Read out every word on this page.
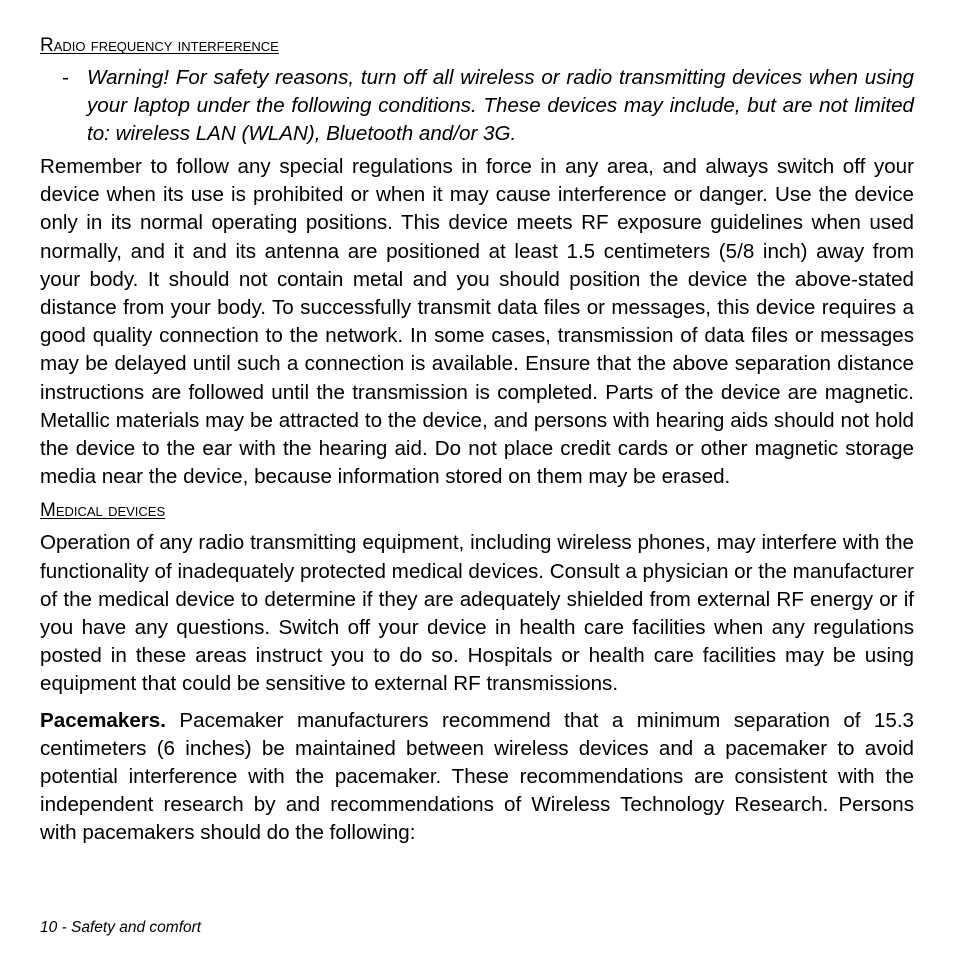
Radio frequency interference
- Warning! For safety reasons, turn off all wireless or radio transmitting devices when using your laptop under the following conditions. These devices may include, but are not limited to: wireless LAN (WLAN), Bluetooth and/or 3G.

Remember to follow any special regulations in force in any area, and always switch off your device when its use is prohibited or when it may cause interference or danger. Use the device only in its normal operating positions. This device meets RF exposure guidelines when used normally, and it and its antenna are positioned at least 1.5 centimeters (5/8 inch) away from your body. It should not contain metal and you should position the device the above-stated distance from your body. To successfully transmit data files or messages, this device requires a good quality connection to the network. In some cases, transmission of data files or messages may be delayed until such a connection is available. Ensure that the above separation distance instructions are followed until the transmission is completed. Parts of the device are magnetic. Metallic materials may be attracted to the device, and persons with hearing aids should not hold the device to the ear with the hearing aid. Do not place credit cards or other magnetic storage media near the device, because information stored on them may be erased.

Medical devices

Operation of any radio transmitting equipment, including wireless phones, may interfere with the functionality of inadequately protected medical devices. Consult a physician or the manufacturer of the medical device to determine if they are adequately shielded from external RF energy or if you have any questions. Switch off your device in health care facilities when any regulations posted in these areas instruct you to do so. Hospitals or health care facilities may be using equipment that could be sensitive to external RF transmissions.

Pacemakers. Pacemaker manufacturers recommend that a minimum separation of 15.3 centimeters (6 inches) be maintained between wireless devices and a pacemaker to avoid potential interference with the pacemaker. These recommendations are consistent with the independent research by and recommendations of Wireless Technology Research. Persons with pacemakers should do the following:

10 - Safety and comfort
